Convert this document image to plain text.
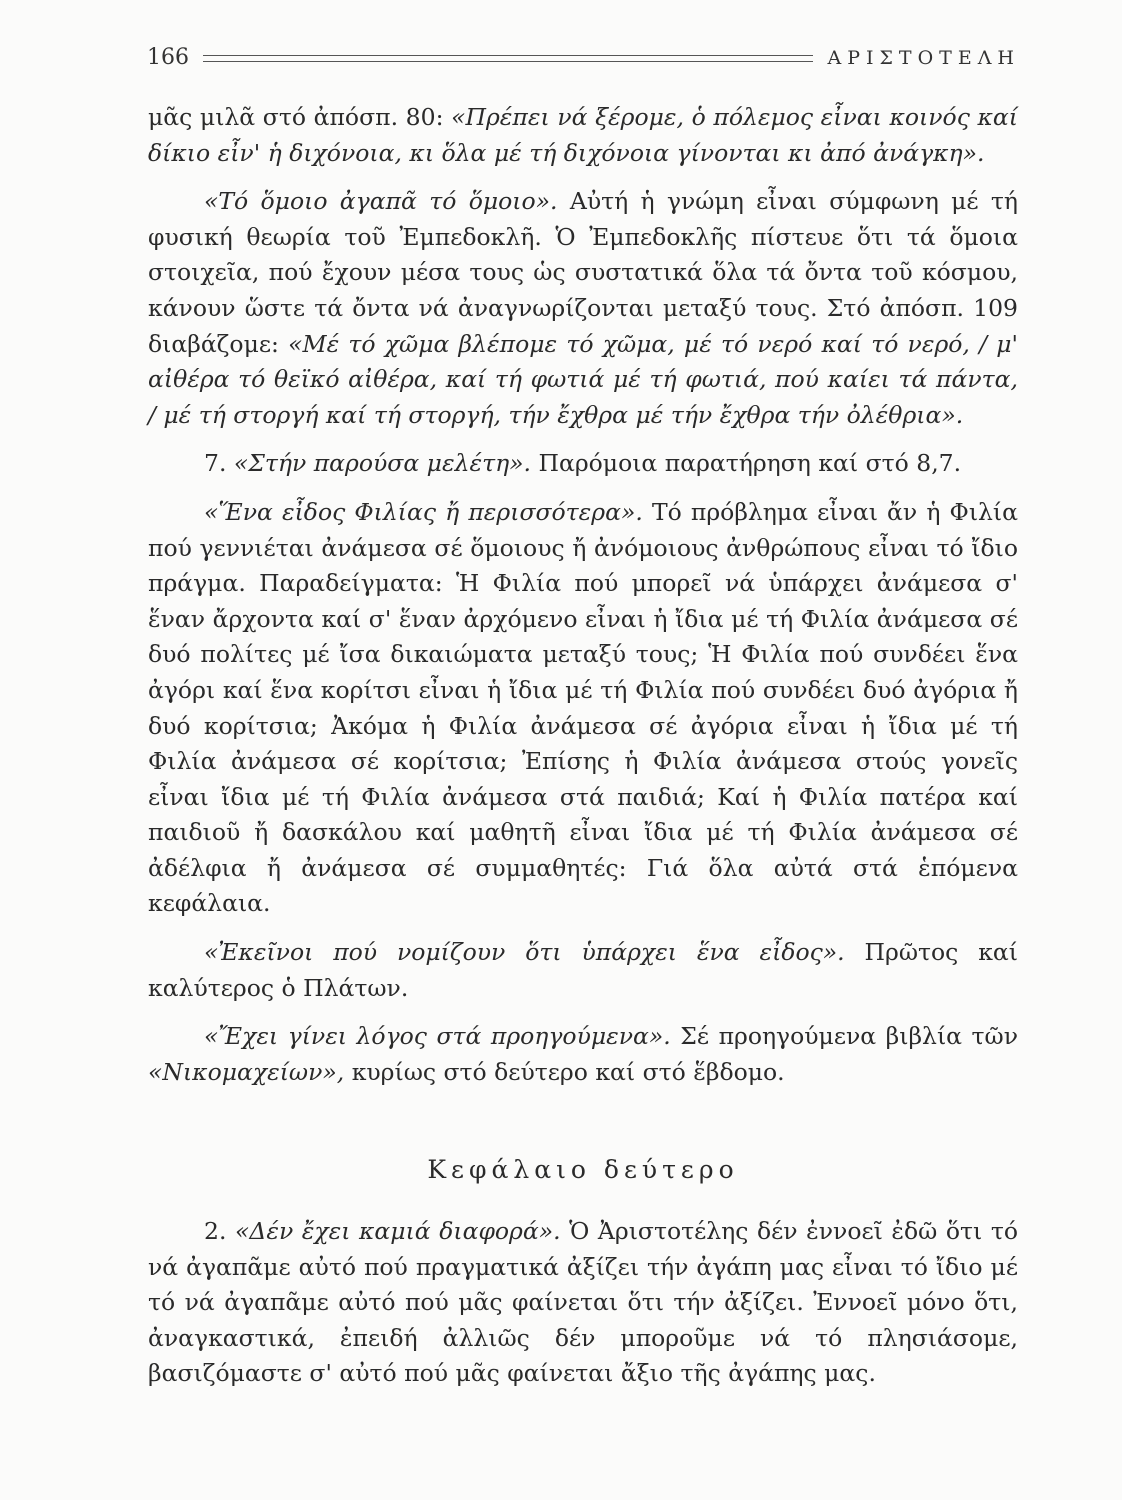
166	ΑΡΙΣΤΟΤΕΛΗ

μᾶς μιλᾶ στό ἀπόσπ. 80: «Πρέπει νά ξέρομε, ὁ πόλεμος εἶναι κοινός καί δίκιο εἶν' ἡ διχόνοια, κι ὅλα μέ τή διχόνοια γίνονται κι ἀπό ἀνάγκη».

«Τό ὅμοιο ἀγαπᾶ τό ὅμοιο». Αὐτή ἡ γνώμη εἶναι σύμφωνη μέ τή φυσική θεωρία τοῦ Ἐμπεδοκλῆ. Ὁ Ἐμπεδοκλῆς πίστευε ὅτι τά ὅμοια στοιχεῖα, πού ἔχουν μέσα τους ὡς συστατικά ὅλα τά ὄντα τοῦ κόσμου, κάνουν ὥστε τά ὄντα νά ἀναγνωρίζονται μεταξύ τους. Στό ἀπόσπ. 109 διαβάζομε: «Μέ τό χῶμα βλέπομε τό χῶμα, μέ τό νερό καί τό νερό, / μ' αἰθέρα τό θεϊκό αἰθέρα, καί τή φωτιά μέ τή φωτιά, πού καίει τά πάντα, / μέ τή στοργή καί τή στοργή, τήν ἔχθρα μέ τήν ἔχθρα τήν ὀλέθρια».

7. «Στήν παρούσα μελέτη». Παρόμοια παρατήρηση καί στό 8,7.

«Ἕνα εἶδος Φιλίας ἤ περισσότερα». Τό πρόβλημα εἶναι ἄν ἡ Φιλία πού γεννιέται ἀνάμεσα σέ ὅμοιους ἤ ἀνόμοιους ἀνθρώπους εἶναι τό ἴδιο πράγμα. Παραδείγματα: Ἡ Φιλία πού μπορεῖ νά ὑπάρχει ἀνάμεσα σ' ἕναν ἄρχοντα καί σ' ἕναν ἀρχόμενο εἶναι ἡ ἴδια μέ τή Φιλία ἀνάμεσα σέ δυό πολίτες μέ ἴσα δικαιώματα μεταξύ τους; Ἡ Φιλία πού συνδέει ἕνα ἀγόρι καί ἕνα κορίτσι εἶναι ἡ ἴδια μέ τή Φιλία πού συνδέει δυό ἀγόρια ἤ δυό κορίτσια; Ἀκόμα ἡ Φιλία ἀνάμεσα σέ ἀγόρια εἶναι ἡ ἴδια μέ τή Φιλία ἀνάμεσα σέ κορίτσια; Ἐπίσης ἡ Φιλία ἀνάμεσα στούς γονεῖς εἶναι ἴδια μέ τή Φιλία ἀνάμεσα στά παιδιά; Καί ἡ Φιλία πατέρα καί παιδιοῦ ἤ δασκάλου καί μαθητῆ εἶναι ἴδια μέ τή Φιλία ἀνάμεσα σέ ἀδέλφια ἤ ἀνάμεσα σέ συμμαθητές: Γιά ὅλα αὐτά στά ἑπόμενα κεφάλαια.

«Ἐκεῖνοι πού νομίζουν ὅτι ὑπάρχει ἕνα εἶδος». Πρῶτος καί καλύτερος ὁ Πλάτων.

«Ἔχει γίνει λόγος στά προηγούμενα». Σέ προηγούμενα βιβλία τῶν «Νικομαχείων», κυρίως στό δεύτερο καί στό ἕβδομο.

Κεφάλαιο δεύτερο

2. «Δέν ἔχει καμιά διαφορά». Ὁ Ἀριστοτέλης δέν ἐννοεῖ ἐδῶ ὅτι τό νά ἀγαπᾶμε αὐτό πού πραγματικά ἀξίζει τήν ἀγάπη μας εἶναι τό ἴδιο μέ τό νά ἀγαπᾶμε αὐτό πού μᾶς φαίνεται ὅτι τήν ἀξίζει. Ἐννοεῖ μόνο ὅτι, ἀναγκαστικά, ἐπειδή ἀλλιῶς δέν μποροῦμε νά τό πλησιάσομε, βασιζόμαστε σ' αὐτό πού μᾶς φαίνεται ἄξιο τῆς ἀγάπης μας.
